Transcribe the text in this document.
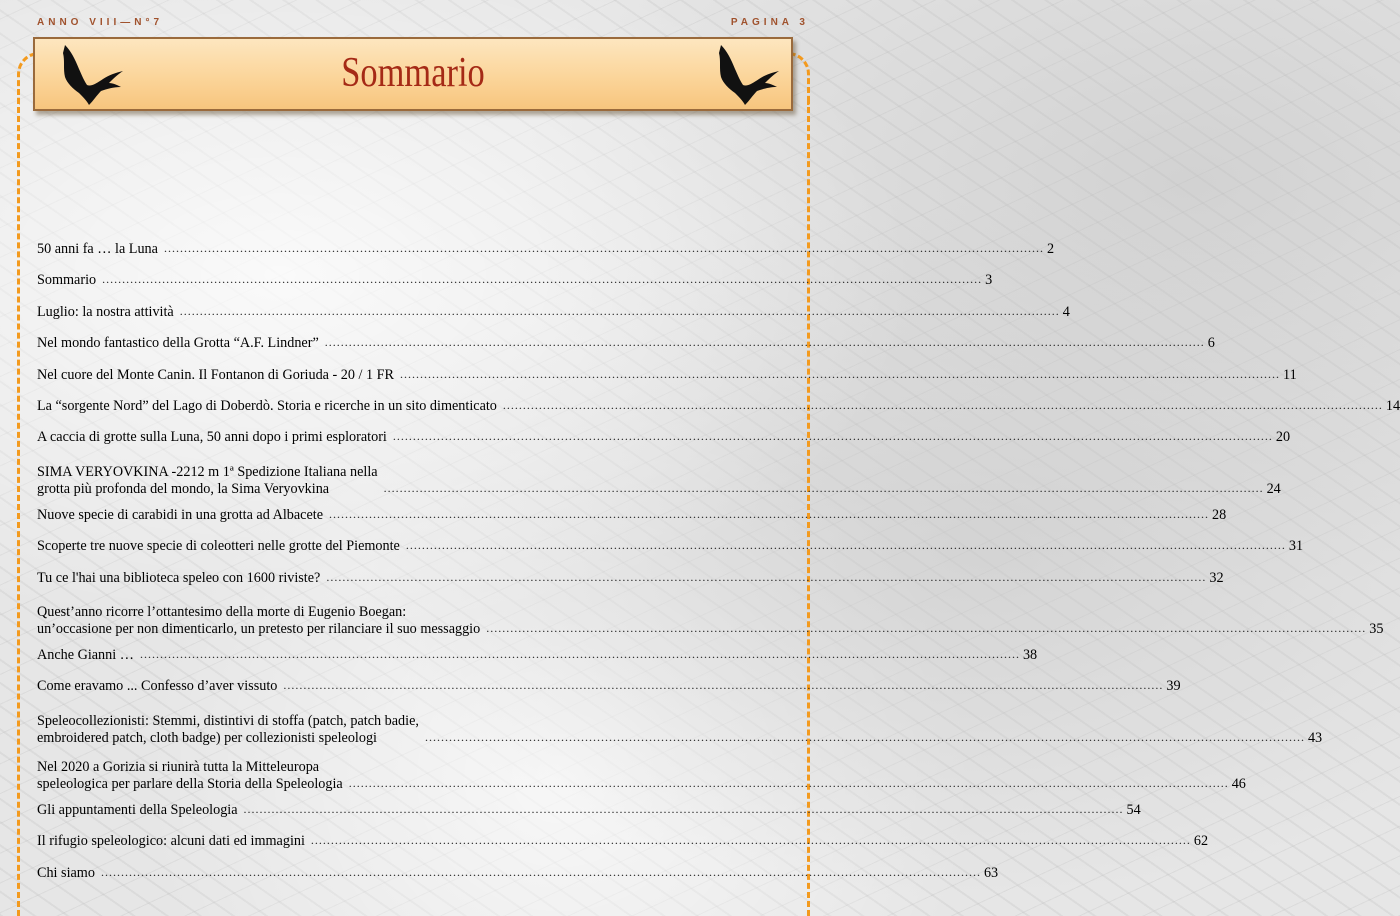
ANNO VIII—N°7	PAGINA 3
Sommario
50 anni fa … la Luna ............................................................................................................................................................................................................................ 2
Sommario ............................................................................................................................................................................................................................ 3
Luglio: la nostra attività ............................................................................................................................................................................................................................ 4
Nel mondo fantastico della Grotta “A.F. Lindner” ............................................................................................................................................................................................................................ 6
Nel cuore del Monte Canin. Il Fontanon di Goriuda - 20 / 1 FR ............................................................................................................................................................................................................................ 11
La “sorgente Nord” del Lago di Doberdò. Storia e ricerche in un sito dimenticato ............................................................................................................................................................................................................................ 14
A caccia di grotte sulla Luna, 50 anni dopo i primi esploratori ............................................................................................................................................................................................................................ 20
SIMA VERYOVKINA -2212 m 1ª Spedizione Italiana nella
grotta più profonda del mondo, la Sima Veryovkina	............................................................................................................................................................................................................................ 24
Nuove specie di carabidi in una grotta ad Albacete ............................................................................................................................................................................................................................ 28
Scoperte tre nuove specie di coleotteri nelle grotte del Piemonte ............................................................................................................................................................................................................................ 31
Tu ce l'hai una biblioteca speleo con 1600 riviste? ............................................................................................................................................................................................................................ 32
Quest’anno ricorre l’ottantesimo della morte di Eugenio Boegan:
un’occasione per non dimenticarlo, un pretesto per rilanciare il suo messaggio ............................................................................................................................................................................................................................ 35
Anche Gianni … ............................................................................................................................................................................................................................ 38
Come eravamo ... Confesso d’aver vissuto ............................................................................................................................................................................................................................ 39
Speleocollezionisti: Stemmi, distintivi di stoffa (patch, patch badie,
embroidered patch, cloth badge) per collezionisti speleologi	............................................................................................................................................................................................................................ 43
Nel 2020 a Gorizia si riunirà tutta la Mitteleuropa
speleologica per parlare della Storia della Speleologia ............................................................................................................................................................................................................................ 46
Gli appuntamenti della Speleologia ............................................................................................................................................................................................................................ 54
Il rifugio speleologico: alcuni dati ed immagini ............................................................................................................................................................................................................................ 62
Chi siamo ............................................................................................................................................................................................................................ 63
